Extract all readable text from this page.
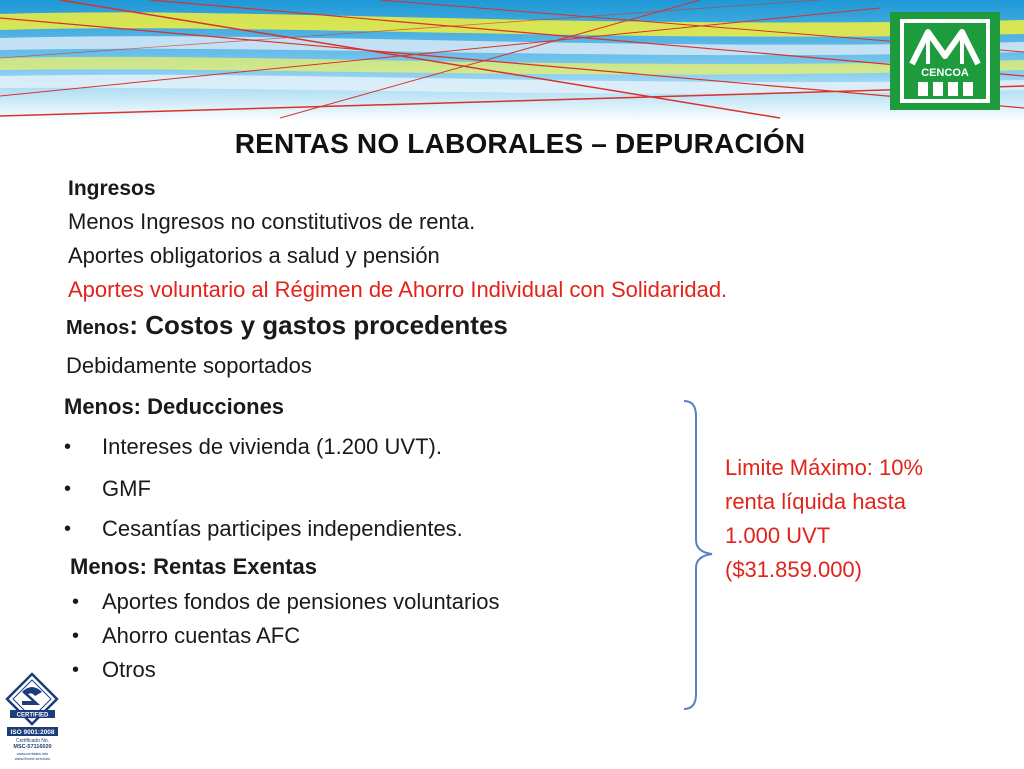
CENCOA
RENTAS NO LABORALES – DEPURACIÓN
Ingresos
Menos Ingresos no constitutivos de renta.
Aportes obligatorios a salud y pensión
Aportes voluntario al Régimen de Ahorro Individual con Solidaridad.
Menos: Costos y gastos procedentes
Debidamente soportados
Menos: Deducciones
• Intereses de vivienda (1.200 UVT).
• GMF
• Cesantías participes independientes.
Menos: Rentas Exentas
• Aportes fondos de pensiones voluntarios
• Ahorro cuentas AFC
• Otros
Limite Máximo: 10%
renta líquida hasta
1.000 UVT
($31.859.000)
CERTIFIED
ISO 9001:2008
Certificado No.
MSC-57116020
www.certdata.info
www.fbcert.services
